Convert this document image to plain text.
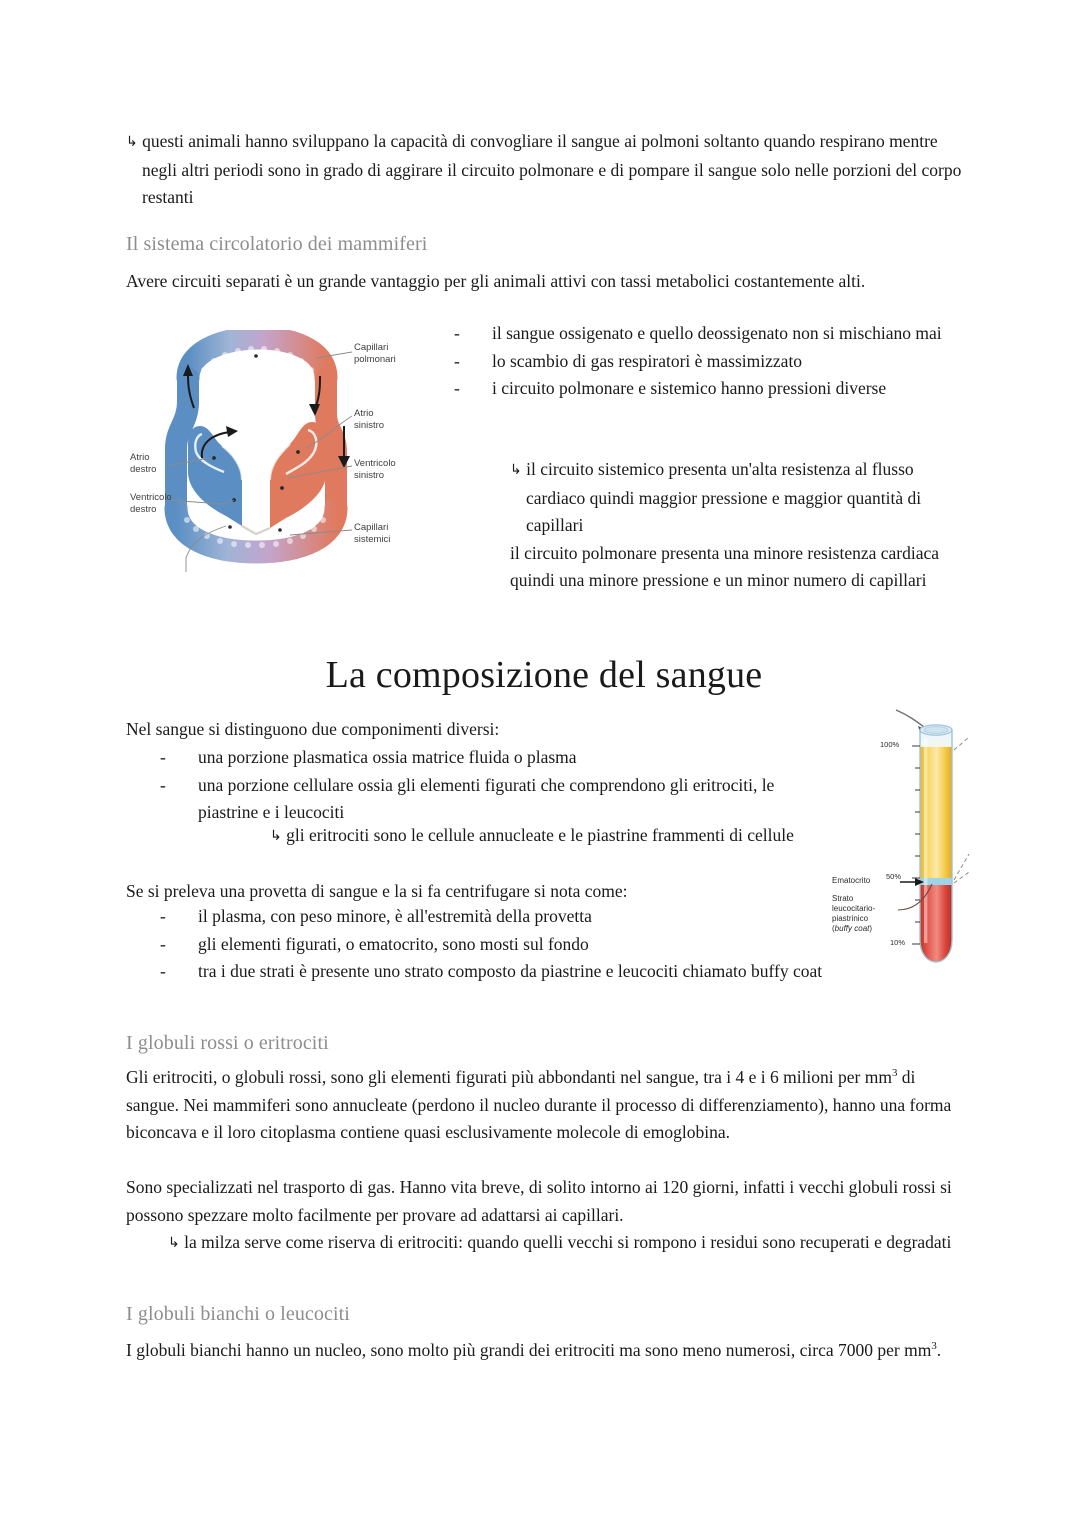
↳ questi animali hanno sviluppano la capacità di convogliare il sangue ai polmoni soltanto quando respirano mentre negli altri periodi sono in grado di aggirare il circuito polmonare e di pompare il sangue solo nelle porzioni del corpo restanti

Il sistema circolatorio dei mammiferi

Avere circuiti separati è un grande vantaggio per gli animali attivi con tassi metabolici costantemente alti.

Capillari
polmonari
Atrio
sinistro
Ventricolo
sinistro
Atrio
destro
Ventricolo
destro
Capillari
sistemici
- il sangue ossigenato e quello deossigenato non si mischiano mai
- lo scambio di gas respiratori è massimizzato
- i circuito polmonare e sistemico hanno pressioni diverse

↳ il circuito sistemico presenta un'alta resistenza al flusso cardiaco quindi maggior pressione e maggior quantità di capillari

il circuito polmonare presenta una minore resistenza cardiaca quindi una minore pressione e un minor numero di capillari

La composizione del sangue

Nel sangue si distinguono due componimenti diversi:

- una porzione plasmatica ossia matrice fluida o plasma
- una porzione cellulare ossia gli elementi figurati che comprendono gli eritrociti, le piastrine e i leucociti

↳ gli eritrociti sono le cellule annucleate e le piastrine frammenti di cellule

Se si preleva una provetta di sangue e la si fa centrifugare si nota come:

- il plasma, con peso minore, è all'estremità della provetta
- gli elementi figurati, o ematocrito, sono mosti sul fondo
- tra i due strati è presente uno strato composto da piastrine e leucociti chiamato buffy coat
100%
50%
10%
Ematocrito
Strato
leucocitario-
piastrinico
(buffy coat)
I globuli rossi o eritrociti

Gli eritrociti, o globuli rossi, sono gli elementi figurati più abbondanti nel sangue, tra i 4 e i 6 milioni per $mm^3$ di sangue. Nei mammiferi sono annucleate (perdono il nucleo durante il processo di differenziamento), hanno una forma biconcava e il loro citoplasma contiene quasi esclusivamente molecole di emoglobina.

Sono specializzati nel trasporto di gas. Hanno vita breve, di solito intorno ai 120 giorni, infatti i vecchi globuli rossi si possono spezzare molto facilmente per provare ad adattarsi ai capillari.

↳ la milza serve come riserva di eritrociti: quando quelli vecchi si rompono i residui sono recuperati e degradati

I globuli bianchi o leucociti

I globuli bianchi hanno un nucleo, sono molto più grandi dei eritrociti ma sono meno numerosi, circa 7000 per $mm^3$.
